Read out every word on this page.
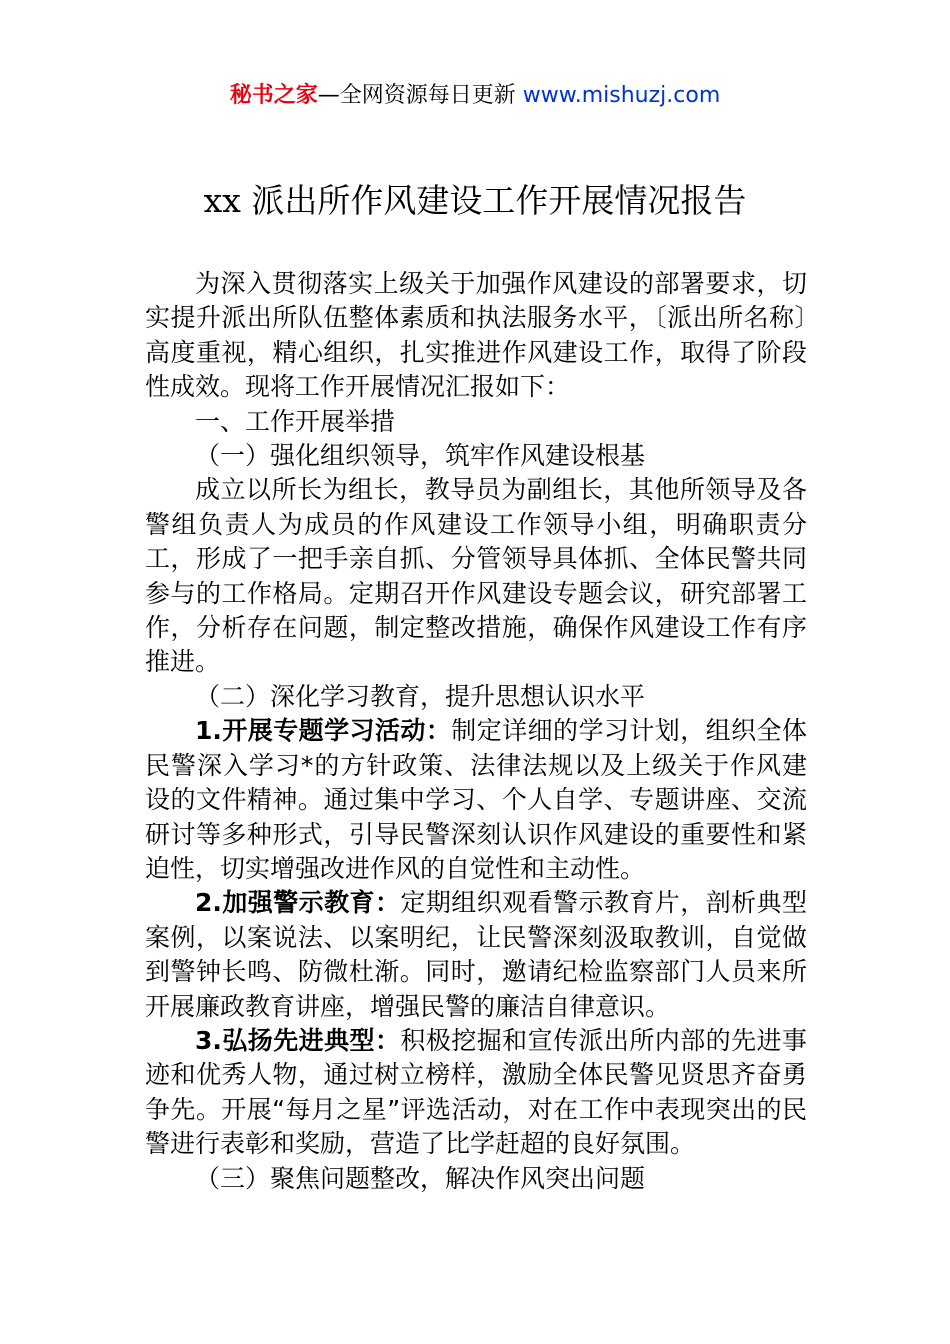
秘书之家—全网资源每日更新 www.mishuzj.com
xx 派出所作风建设工作开展情况报告

为深入贯彻落实上级关于加强作风建设的部署要求，切实提升派出所队伍整体素质和执法服务水平，〔派出所名称〕高度重视，精心组织，扎实推进作风建设工作，取得了阶段性成效。现将工作开展情况汇报如下：

一、工作开展举措

（一）强化组织领导，筑牢作风建设根基

成立以所长为组长，教导员为副组长，其他所领导及各警组负责人为成员的作风建设工作领导小组，明确职责分工，形成了一把手亲自抓、分管领导具体抓、全体民警共同参与的工作格局。定期召开作风建设专题会议，研究部署工作，分析存在问题，制定整改措施，确保作风建设工作有序推进。

（二）深化学习教育，提升思想认识水平

1.开展专题学习活动：制定详细的学习计划，组织全体民警深入学习*的方针政策、法律法规以及上级关于作风建设的文件精神。通过集中学习、个人自学、专题讲座、交流研讨等多种形式，引导民警深刻认识作风建设的重要性和紧迫性，切实增强改进作风的自觉性和主动性。

2.加强警示教育：定期组织观看警示教育片，剖析典型案例，以案说法、以案明纪，让民警深刻汲取教训，自觉做到警钟长鸣、防微杜渐。同时，邀请纪检监察部门人员来所开展廉政教育讲座，增强民警的廉洁自律意识。

3.弘扬先进典型：积极挖掘和宣传派出所内部的先进事迹和优秀人物，通过树立榜样，激励全体民警见贤思齐奋勇争先。开展“每月之星”评选活动，对在工作中表现突出的民警进行表彰和奖励，营造了比学赶超的良好氛围。

（三）聚焦问题整改，解决作风突出问题
